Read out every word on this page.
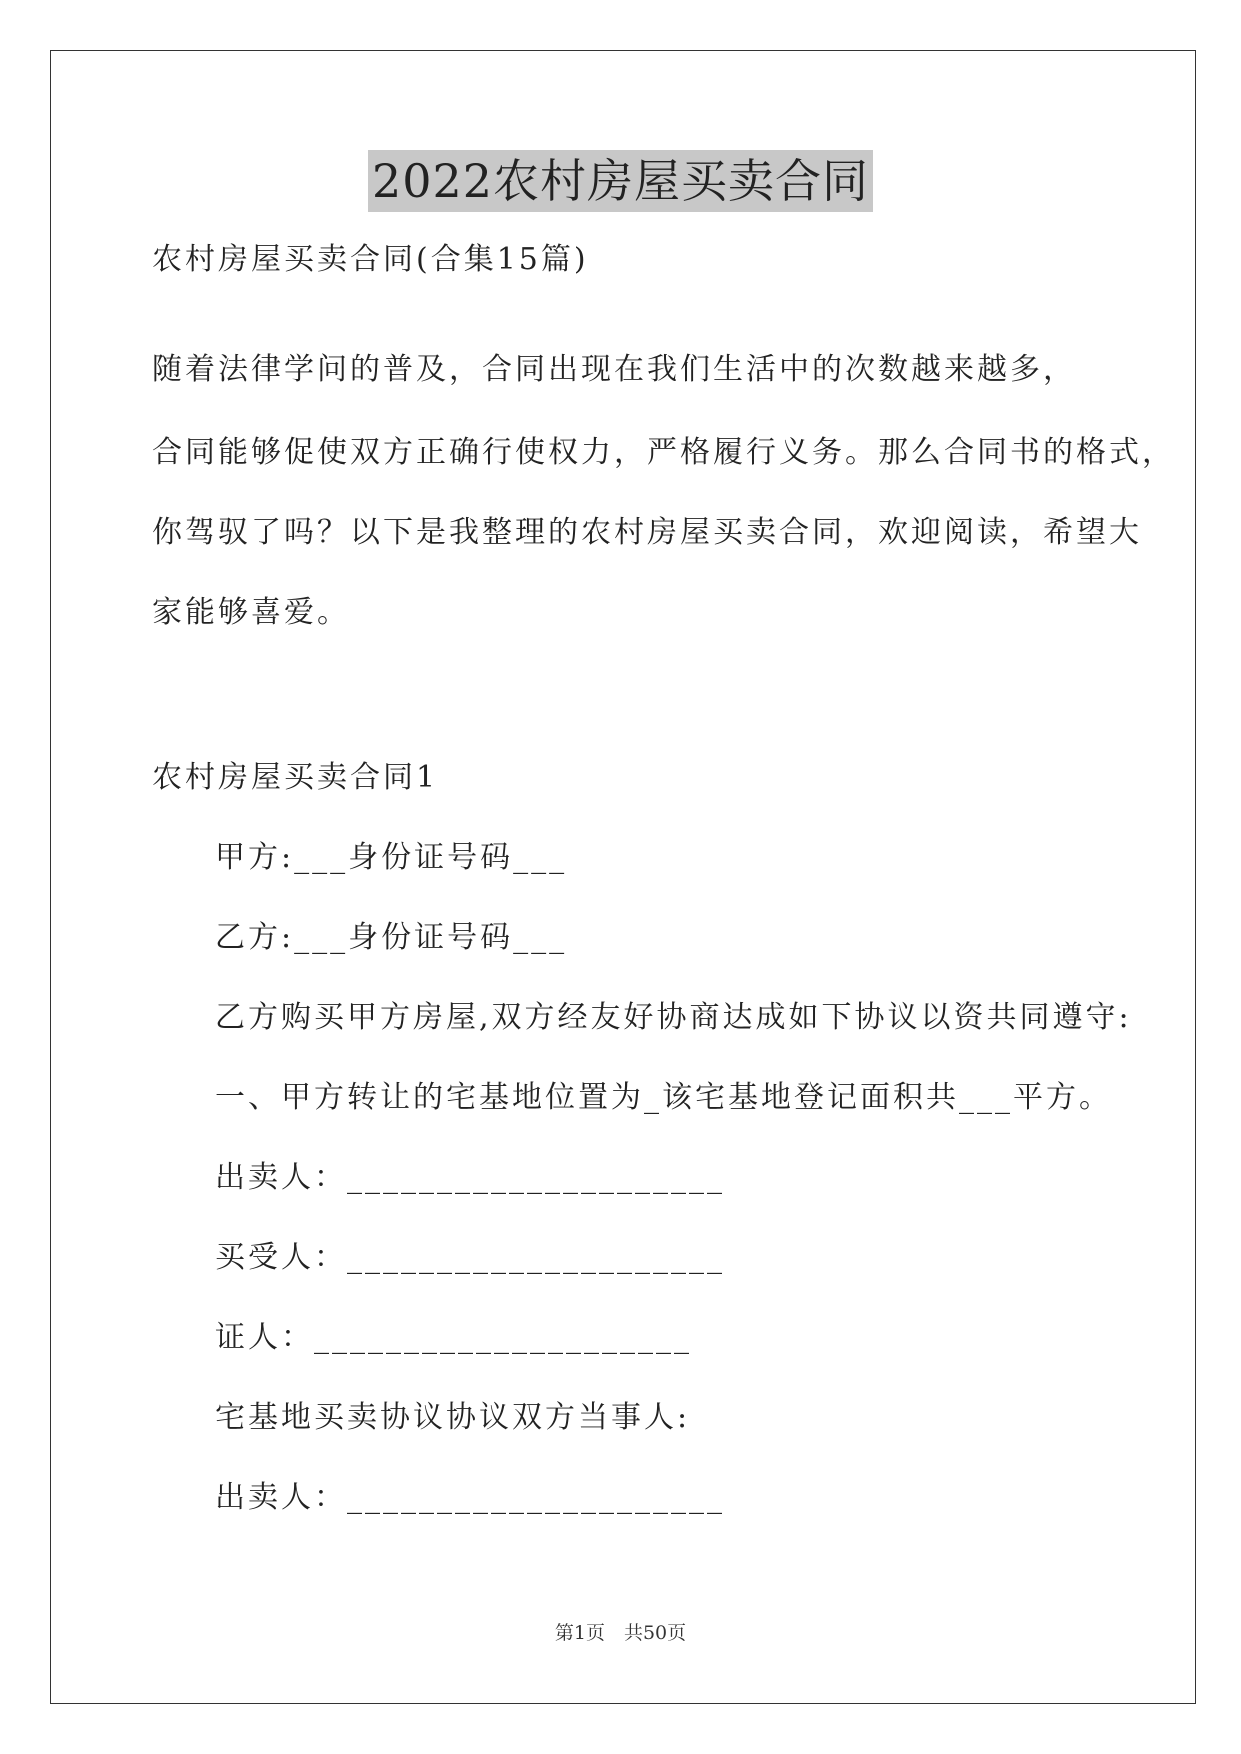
2022农村房屋买卖合同
农村房屋买卖合同(合集15篇)
随着法律学问的普及，合同出现在我们生活中的次数越来越多，
合同能够促使双方正确行使权力，严格履行义务。那么合同书的格式，
你驾驭了吗？以下是我整理的农村房屋买卖合同，欢迎阅读，希望大
家能够喜爱。
农村房屋买卖合同1
甲方:___身份证号码___
乙方:___身份证号码___
乙方购买甲方房屋,双方经友好协商达成如下协议以资共同遵守:
一、甲方转让的宅基地位置为_该宅基地登记面积共___平方。
出卖人：_____________________
买受人：_____________________
证人：_____________________
宅基地买卖协议协议双方当事人:
出卖人：_____________________
第1页　共50页
